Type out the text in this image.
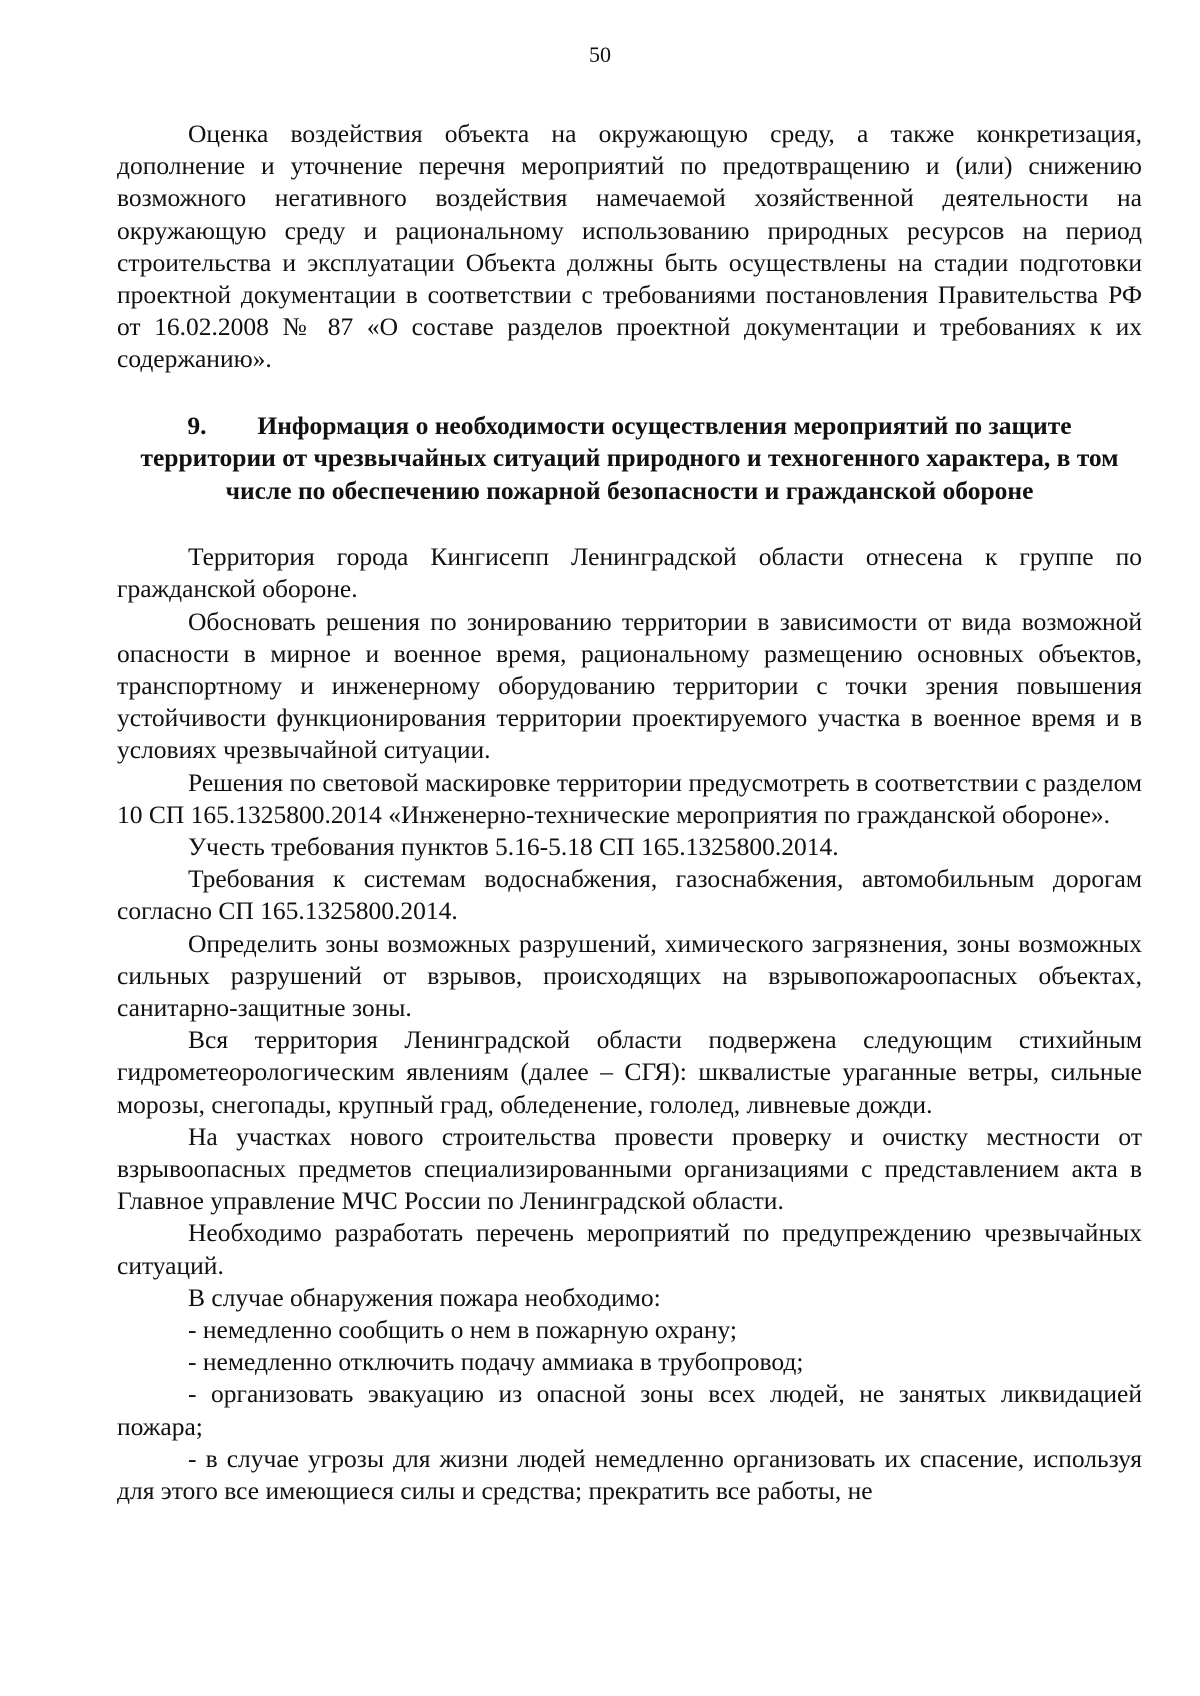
50

Оценка воздействия объекта на окружающую среду, а также конкретизация, дополнение и уточнение перечня мероприятий по предотвращению и (или) снижению возможного негативного воздействия намечаемой хозяйственной деятельности на окружающую среду и рациональному использованию природных ресурсов на период строительства и эксплуатации Объекта должны быть осуществлены на стадии подготовки проектной документации в соответствии с требованиями постановления Правительства РФ от 16.02.2008 № 87 «О составе разделов проектной документации и требованиях к их содержанию».

9. Информация о необходимости осуществления мероприятий по защите территории от чрезвычайных ситуаций природного и техногенного характера, в том числе по обеспечению пожарной безопасности и гражданской обороне

Территория города Кингисепп Ленинградской области отнесена к группе по гражданской обороне.

Обосновать решения по зонированию территории в зависимости от вида возможной опасности в мирное и военное время, рациональному размещению основных объектов, транспортному и инженерному оборудованию территории с точки зрения повышения устойчивости функционирования территории проектируемого участка в военное время и в условиях чрезвычайной ситуации.

Решения по световой маскировке территории предусмотреть в соответствии с разделом 10 СП 165.1325800.2014 «Инженерно-технические мероприятия по гражданской обороне».

Учесть требования пунктов 5.16-5.18 СП 165.1325800.2014.

Требования к системам водоснабжения, газоснабжения, автомобильным дорогам согласно СП 165.1325800.2014.

Определить зоны возможных разрушений, химического загрязнения, зоны возможных сильных разрушений от взрывов, происходящих на взрывопожароопасных объектах, санитарно-защитные зоны.

Вся территория Ленинградской области подвержена следующим стихийным гидрометеорологическим явлениям (далее – СГЯ): шквалистые ураганные ветры, сильные морозы, снегопады, крупный град, обледенение, гололед, ливневые дожди.

На участках нового строительства провести проверку и очистку местности от взрывоопасных предметов специализированными организациями с представлением акта в Главное управление МЧС России по Ленинградской области.

Необходимо разработать перечень мероприятий по предупреждению чрезвычайных ситуаций.

В случае обнаружения пожара необходимо:

- немедленно сообщить о нем в пожарную охрану;

- немедленно отключить подачу аммиака в трубопровод;

- организовать эвакуацию из опасной зоны всех людей, не занятых ликвидацией пожара;

- в случае угрозы для жизни людей немедленно организовать их спасение, используя для этого все имеющиеся силы и средства; прекратить все работы, не
